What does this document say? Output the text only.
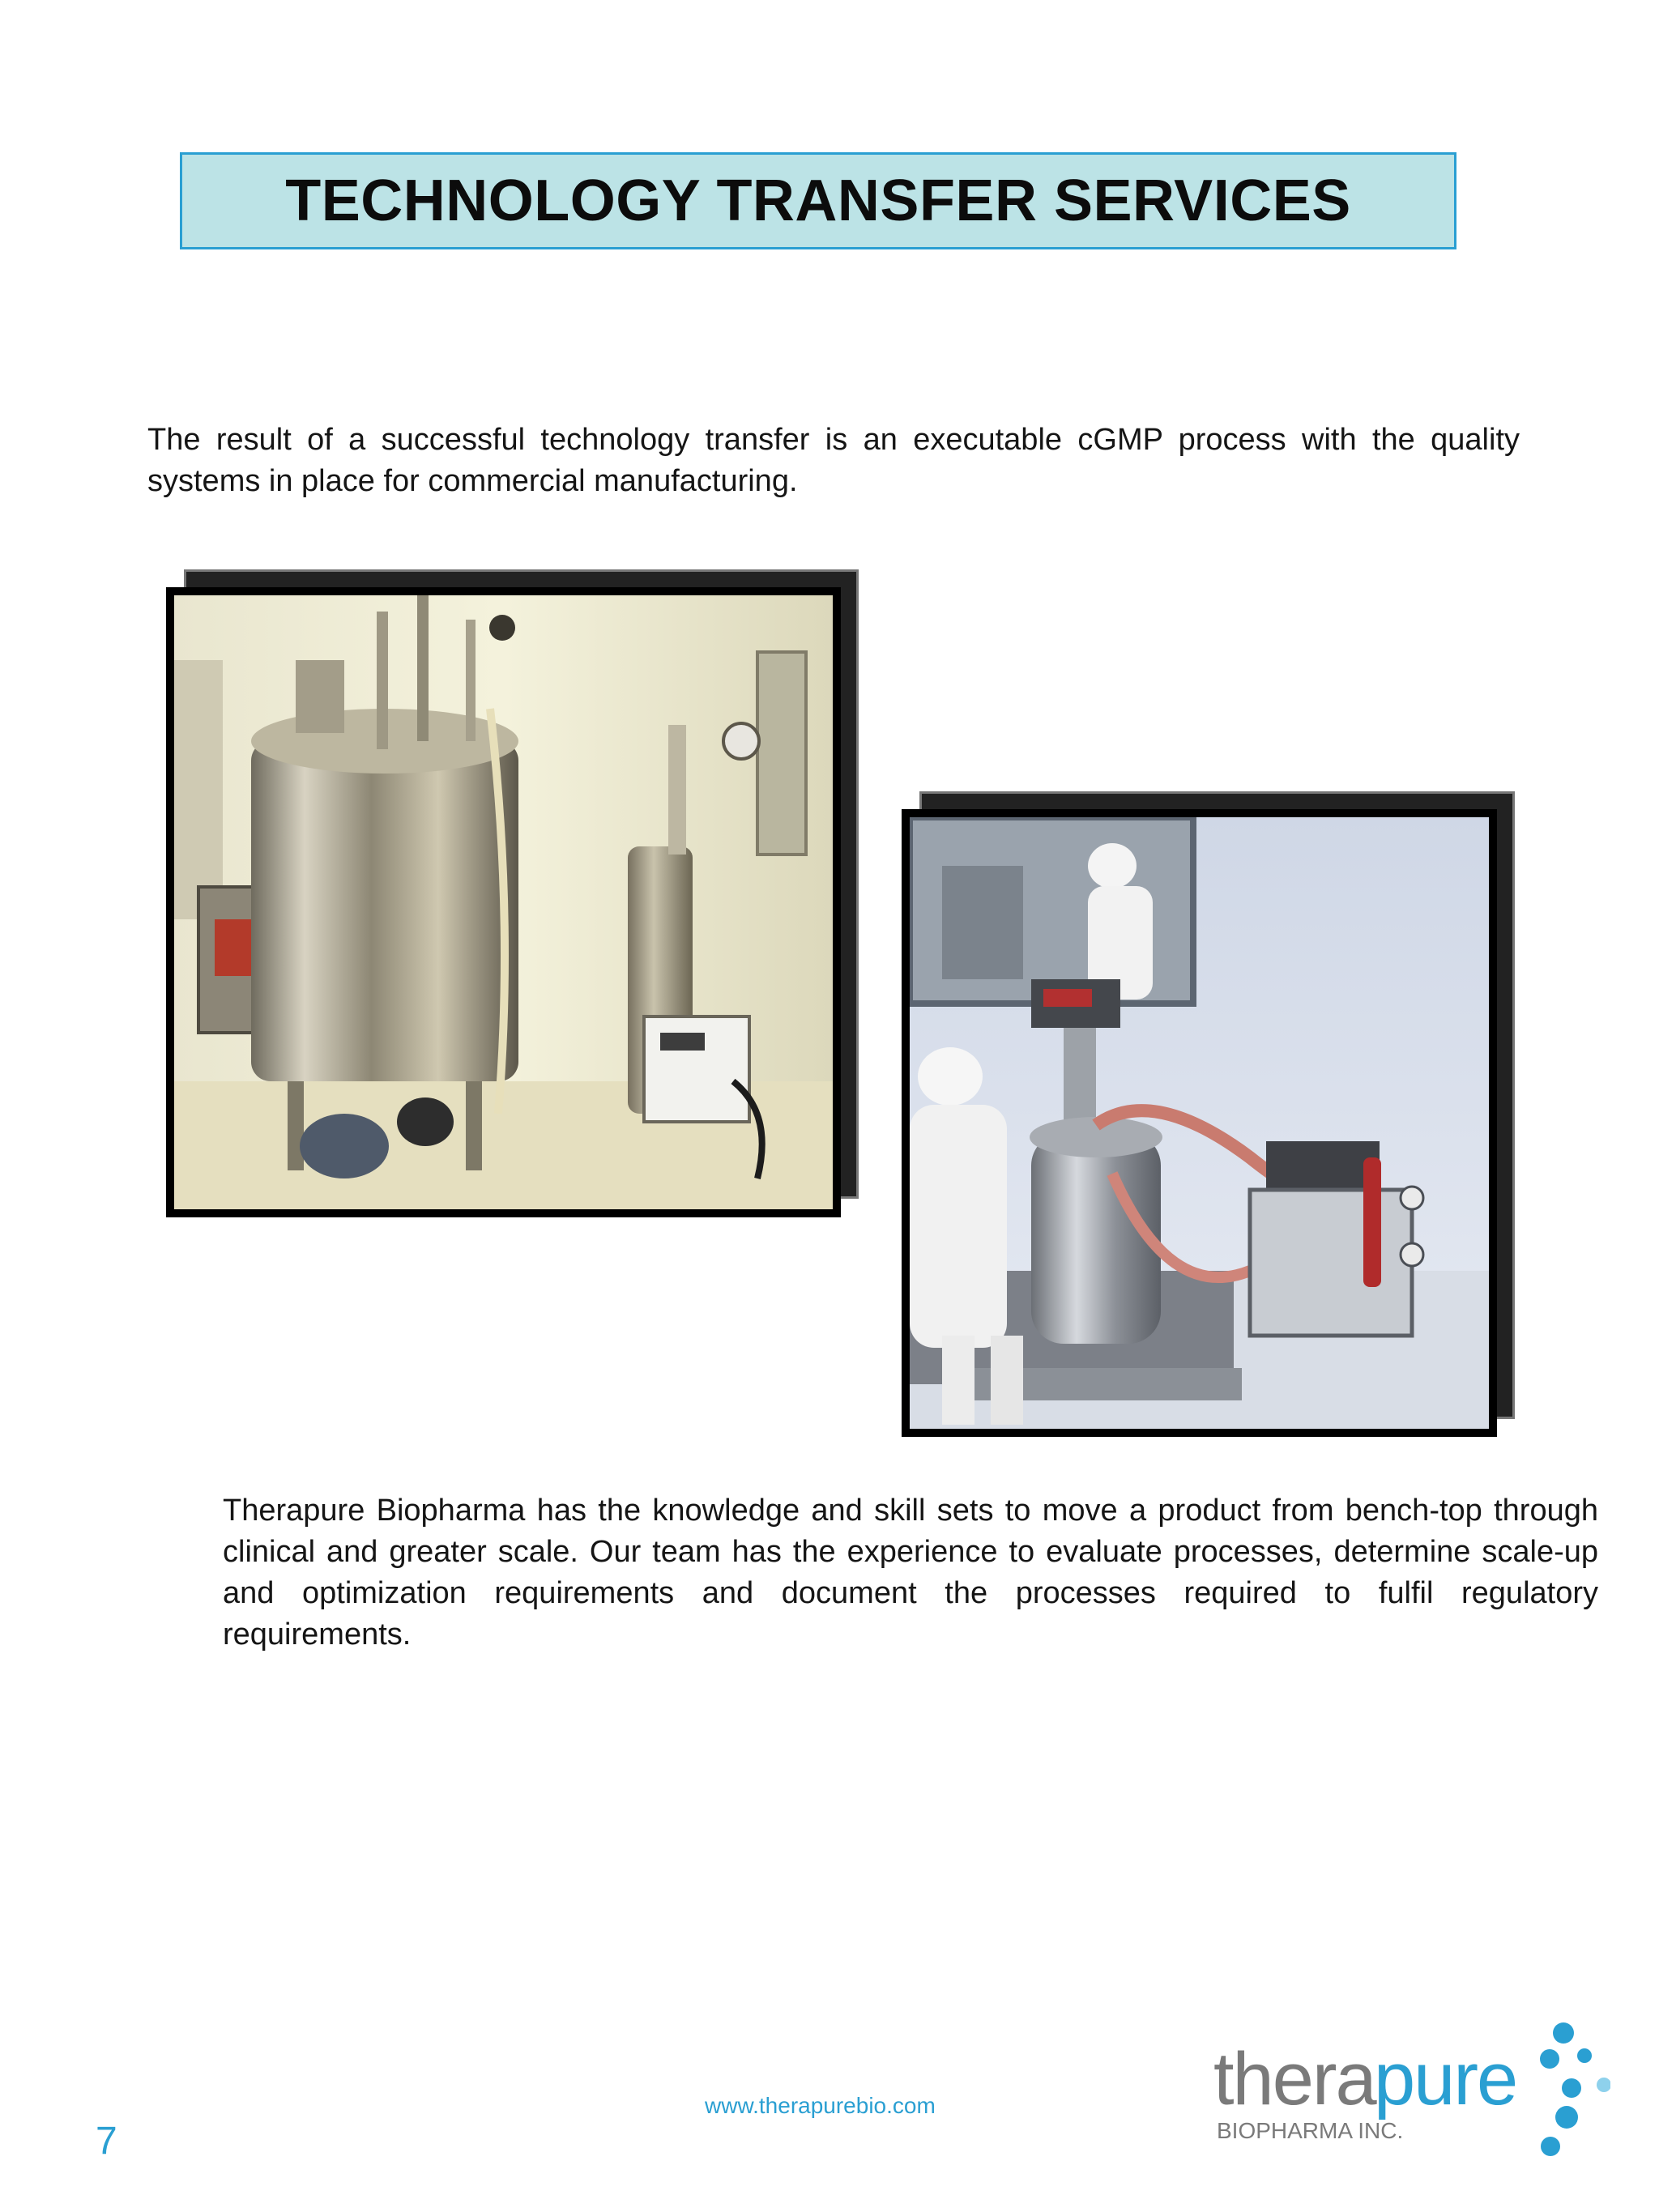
TECHNOLOGY TRANSFER SERVICES

The result of a successful technology transfer is an executable cGMP process with the quality systems in place for commercial manufacturing.

Therapure Biopharma has the knowledge and skill sets to move a product from bench-top through clinical and greater scale. Our team has the experience to evaluate processes, determine scale-up and optimization requirements and document the processes required to fulfil regulatory requirements.

www.therapurebio.com
7
thera
pure
BIOPHARMA INC.
